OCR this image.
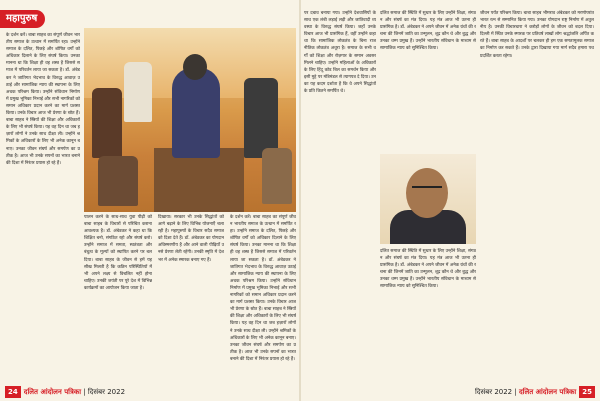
महापुरुष

के दर्शन करें। बाबा साहब का संपूर्ण जीवन भारतीय समाज के उत्थान में समर्पित रहा। उन्होंने समाज के दलित, पिछड़े और शोषित वर्गों को अधिकार दिलाने के लिए संघर्ष किया। उनका मानना था कि शिक्षा ही वह शस्त्र है जिससे समाज में परिवर्तन लाया जा सकता है। डॉ. अंबेडकर ने जातिगत भेदभाव के विरुद्ध आवाज़ उठाई और सामाजिक न्याय की स्थापना के लिए अथक परिश्रम किया। उन्होंने संविधान निर्माण में प्रमुख भूमिका निभाई और सभी नागरिकों को समान अधिकार प्रदान करने का मार्ग प्रशस्त किया। उनके विचार आज भी प्रेरणा के स्रोत हैं। बाबा साहब ने स्त्रियों की शिक्षा और अधिकारों के लिए भी संघर्ष किया। यह वह दिन था जब हज़ारों लोगों ने उनके साथ दीक्षा ली। उन्होंने श्रमिकों के अधिकारों के लिए भी अनेक कानून बनाए। उनका जीवन संघर्ष और समर्पण का प्रतीक है। आज भी उनके सपनों का भारत बनाने की दिशा में निरंतर प्रयास हो रहे हैं।

पालन करने के साथ-साथ युवा पीढ़ी को बाबा साहब के विचारों से परिचित कराना आवश्यक है। डॉ. अंबेडकर ने कहा था कि शिक्षित बनो, संगठित रहो और संघर्ष करो। उन्होंने समाज में समता, स्वतंत्रता और बंधुत्व के मूल्यों को स्थापित करने पर बल दिया। बाबा साहब के जीवन से हमें यह सीख मिलती है कि कठिन परिस्थितियों में भी अपने लक्ष्य से विचलित नहीं होना चाहिए। उनकी जयंती पर पूरे देश में विभिन्न कार्यक्रमों का आयोजन किया जाता है।

दिखाया। सरकार भी उनके सिद्धांतों को आगे बढ़ाने के लिए विभिन्न योजनाएँ चला रही है। महापुरुषों के विचार सदैव समाज को दिशा देते हैं। डॉ. अंबेडकर का योगदान अविस्मरणीय है और आने वाली पीढ़ियाँ उनसे प्रेरणा लेती रहेंगी। उनकी स्मृति में देश भर में अनेक स्मारक बनाए गए हैं।

के दर्शन करें। बाबा साहब का संपूर्ण जीवन भारतीय समाज के उत्थान में समर्पित रहा। उन्होंने समाज के दलित, पिछड़े और शोषित वर्गों को अधिकार दिलाने के लिए संघर्ष किया। उनका मानना था कि शिक्षा ही वह शस्त्र है जिससे समाज में परिवर्तन लाया जा सकता है। डॉ. अंबेडकर ने जातिगत भेदभाव के विरुद्ध आवाज़ उठाई और सामाजिक न्याय की स्थापना के लिए अथक परिश्रम किया। उन्होंने संविधान निर्माण में प्रमुख भूमिका निभाई और सभी नागरिकों को समान अधिकार प्रदान करने का मार्ग प्रशस्त किया। उनके विचार आज भी प्रेरणा के स्रोत हैं। बाबा साहब ने स्त्रियों की शिक्षा और अधिकारों के लिए भी संघर्ष किया। यह वह दिन था जब हज़ारों लोगों ने उनके साथ दीक्षा ली। उन्होंने श्रमिकों के अधिकारों के लिए भी अनेक कानून बनाए। उनका जीवन संघर्ष और समर्पण का प्रतीक है। आज भी उनके सपनों का भारत बनाने की दिशा में निरंतर प्रयास हो रहे हैं।

24 दलित आंदोलन पत्रिका | दिसंबर 2022

पर दबाव बनाया गया। उन्होंने देशवासियों के साथ एक लंबी लड़ाई लड़ी और जातिवादी व्यवस्था के विरुद्ध संघर्ष किया। जहाँ उनके विचार आज भी प्रासंगिक हैं, वहीं उन्होंने कहा था कि सामाजिक लोकतंत्र के बिना राजनीतिक लोकतंत्र अधूरा है। समाज के सभी वर्गों को शिक्षा और रोज़गार के समान अवसर मिलने चाहिए। उन्होंने महिलाओं के अधिकारों के लिए हिंदू कोड बिल का समर्थन किया और इसी मुद्दे पर मंत्रिमंडल से त्यागपत्र दे दिया। उनका यह कदम दर्शाता है कि वे अपने सिद्धांतों के प्रति कितने समर्पित थे।

दलित समाज की स्थिति में सुधार के लिए उन्होंने शिक्षा, संगठन और संघर्ष का मंत्र दिया। यह मंत्र आज भी उतना ही प्रासंगिक है। डॉ. अंबेडकर ने अपने जीवन में अनेक ग्रंथों की रचना की जिनमें जाति का उन्मूलन, शूद्र कौन थे और बुद्ध और उनका धम्म प्रमुख हैं। उन्होंने भारतीय संविधान के माध्यम से सामाजिक न्याय को सुनिश्चित किया।

दलित समाज की स्थिति में सुधार के लिए उन्होंने शिक्षा, संगठन और संघर्ष का मंत्र दिया। यह मंत्र आज भी उतना ही प्रासंगिक है। डॉ. अंबेडकर ने अपने जीवन में अनेक ग्रंथों की रचना की जिनमें जाति का उन्मूलन, शूद्र कौन थे और बुद्ध और उनका धम्म प्रमुख हैं। उन्होंने भारतीय संविधान के माध्यम से सामाजिक न्याय को सुनिश्चित किया।

जीवन पर्यंत परिश्रम किया। बाबा साहब भीमराव अंबेडकर को मरणोपरांत भारत रत्न से सम्मानित किया गया। उनका योगदान राष्ट्र निर्माण में अतुलनीय है। उनकी विचारधारा ने करोड़ों लोगों के जीवन को बदल दिया। दिल्ली में स्थित उनके स्मारक पर प्रतिवर्ष लाखों लोग श्रद्धांजलि अर्पित करते हैं। बाबा साहब के आदर्शों पर चलकर ही हम एक समतामूलक समाज का निर्माण कर सकते हैं। उनके द्वारा दिखाया गया मार्ग सदैव हमारा पथ प्रदर्शित करता रहेगा।

दिसंबर 2022 | दलित आंदोलन पत्रिका 25
